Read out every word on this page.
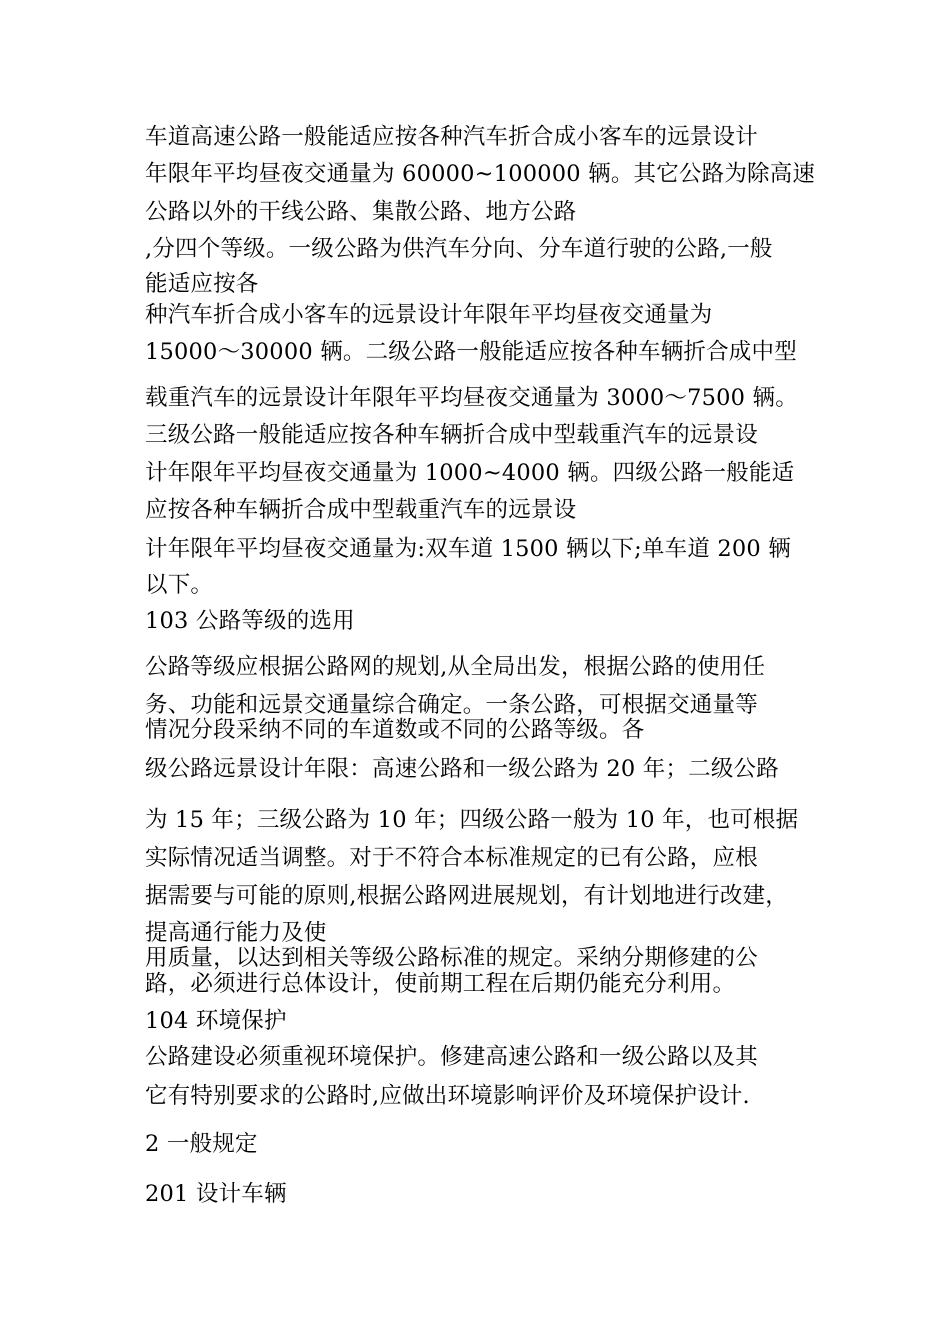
车道高速公路一般能适应按各种汽车折合成小客车的远景设计
年限年平均昼夜交通量为 60000~100000 辆。其它公路为除高速
公路以外的干线公路、集散公路、地方公路
,分四个等级。一级公路为供汽车分向、分车道行驶的公路,一般
能适应按各
种汽车折合成小客车的远景设计年限年平均昼夜交通量为
15000～30000 辆。二级公路一般能适应按各种车辆折合成中型
载重汽车的远景设计年限年平均昼夜交通量为 3000～7500 辆。
三级公路一般能适应按各种车辆折合成中型载重汽车的远景设
计年限年平均昼夜交通量为 1000~4000 辆。四级公路一般能适
应按各种车辆折合成中型载重汽车的远景设
计年限年平均昼夜交通量为:双车道 1500 辆以下;单车道 200 辆
以下。
103 公路等级的选用
公路等级应根据公路网的规划,从全局出发，根据公路的使用任
务、功能和远景交通量综合确定。一条公路，可根据交通量等
情况分段采纳不同的车道数或不同的公路等级。各
级公路远景设计年限：高速公路和一级公路为 20 年；二级公路
为 15 年；三级公路为 10 年；四级公路一般为 10 年，也可根据
实际情况适当调整。对于不符合本标准规定的已有公路，应根
据需要与可能的原则,根据公路网进展规划，有计划地进行改建，
提高通行能力及使
用质量，以达到相关等级公路标准的规定。采纳分期修建的公
路，必须进行总体设计，使前期工程在后期仍能充分利用。
104 环境保护
公路建设必须重视环境保护。修建高速公路和一级公路以及其
它有特别要求的公路时,应做出环境影响评价及环境保护设计.
2 一般规定
201 设计车辆
